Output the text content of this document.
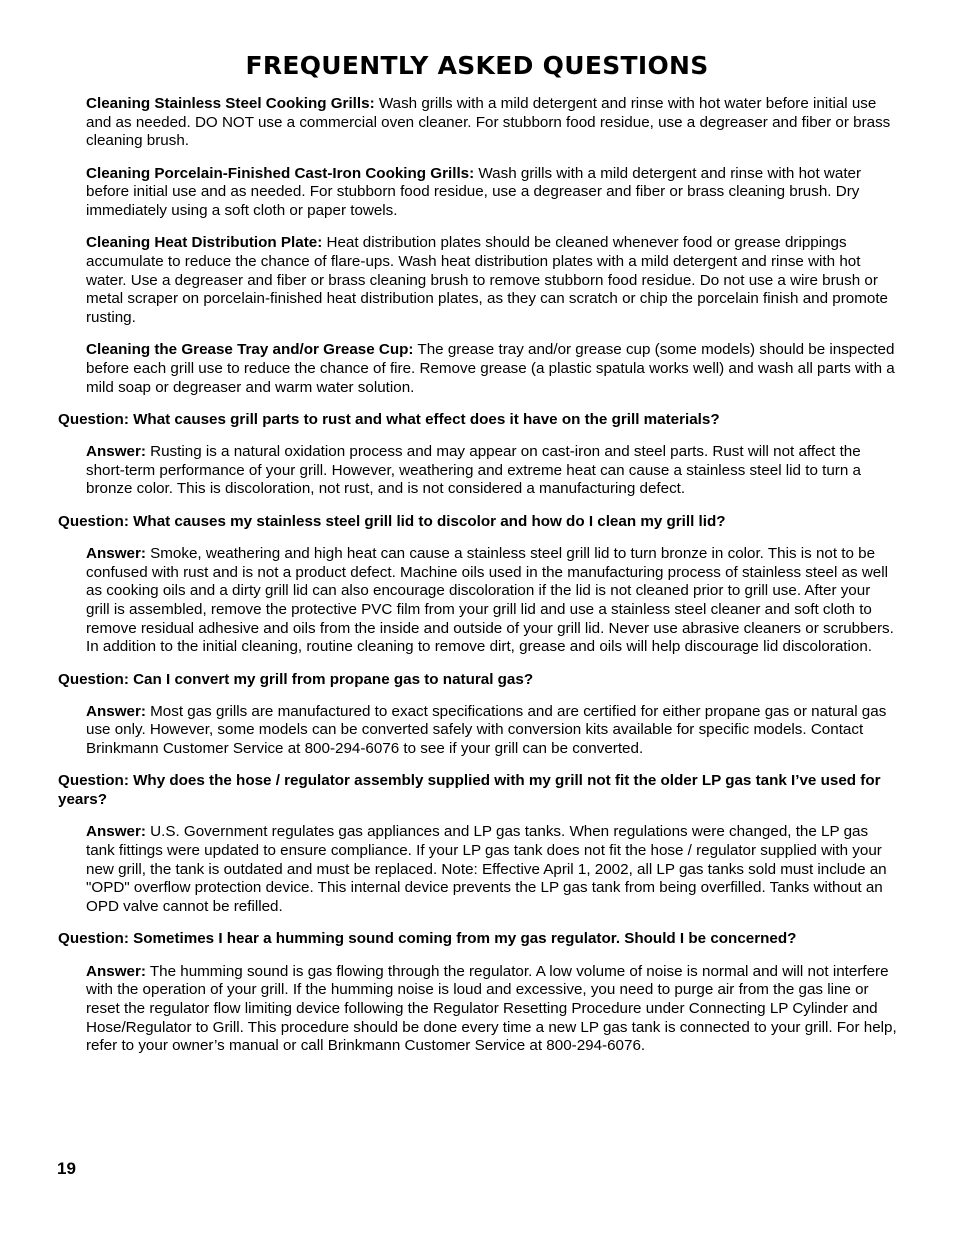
FREQUENTLY ASKED QUESTIONS

Cleaning Stainless Steel Cooking Grills: Wash grills with a mild detergent and rinse with hot water before initial use and as needed. DO NOT use a commercial oven cleaner. For stubborn food residue, use a degreaser and fiber or brass cleaning brush.

Cleaning Porcelain-Finished Cast-Iron Cooking Grills: Wash grills with a mild detergent and rinse with hot water before initial use and as needed. For stubborn food residue, use a degreaser and fiber or brass cleaning brush. Dry immediately using a soft cloth or paper towels.

Cleaning Heat Distribution Plate: Heat distribution plates should be cleaned whenever food or grease drippings accumulate to reduce the chance of flare-ups. Wash heat distribution plates with a mild detergent and rinse with hot water. Use a degreaser and fiber or brass cleaning brush to remove stubborn food residue. Do not use a wire brush or metal scraper on porcelain-finished heat distribution plates, as they can scratch or chip the porcelain finish and promote rusting.

Cleaning the Grease Tray and/or Grease Cup: The grease tray and/or grease cup (some models) should be inspected before each grill use to reduce the chance of fire. Remove grease (a plastic spatula works well) and wash all parts with a mild soap or degreaser and warm water solution.

Question: What causes grill parts to rust and what effect does it have on the grill materials?

Answer: Rusting is a natural oxidation process and may appear on cast-iron and steel parts. Rust will not affect the short-term performance of your grill. However, weathering and extreme heat can cause a stainless steel lid to turn a bronze color. This is discoloration, not rust, and is not considered a manufacturing defect.

Question: What causes my stainless steel grill lid to discolor and how do I clean my grill lid?

Answer: Smoke, weathering and high heat can cause a stainless steel grill lid to turn bronze in color. This is not to be confused with rust and is not a product defect. Machine oils used in the manufacturing process of stainless steel as well as cooking oils and a dirty grill lid can also encourage discoloration if the lid is not cleaned prior to grill use. After your grill is assembled, remove the protective PVC film from your grill lid and use a stainless steel cleaner and soft cloth to remove residual adhesive and oils from the inside and outside of your grill lid. Never use abrasive cleaners or scrubbers. In addition to the initial cleaning, routine cleaning to remove dirt, grease and oils will help discourage lid discoloration.

Question: Can I convert my grill from propane gas to natural gas?

Answer: Most gas grills are manufactured to exact specifications and are certified for either propane gas or natural gas use only. However, some models can be converted safely with conversion kits available for specific models. Contact Brinkmann Customer Service at 800-294-6076 to see if your grill can be converted.

Question: Why does the hose / regulator assembly supplied with my grill not fit the older LP gas tank I’ve used for years?

Answer: U.S. Government regulates gas appliances and LP gas tanks. When regulations were changed, the LP gas tank fittings were updated to ensure compliance. If your LP gas tank does not fit the hose / regulator supplied with your new grill, the tank is outdated and must be replaced. Note: Effective April 1, 2002, all LP gas tanks sold must include an "OPD" overflow protection device. This internal device prevents the LP gas tank from being overfilled. Tanks without an OPD valve cannot be refilled.

Question: Sometimes I hear a humming sound coming from my gas regulator. Should I be concerned?

Answer: The humming sound is gas flowing through the regulator. A low volume of noise is normal and will not interfere with the operation of your grill. If the humming noise is loud and excessive, you need to purge air from the gas line or reset the regulator flow limiting device following the Regulator Resetting Procedure under Connecting LP Cylinder and Hose/Regulator to Grill. This procedure should be done every time a new LP gas tank is connected to your grill. For help, refer to your owner’s manual or call Brinkmann Customer Service at 800-294-6076.

19
